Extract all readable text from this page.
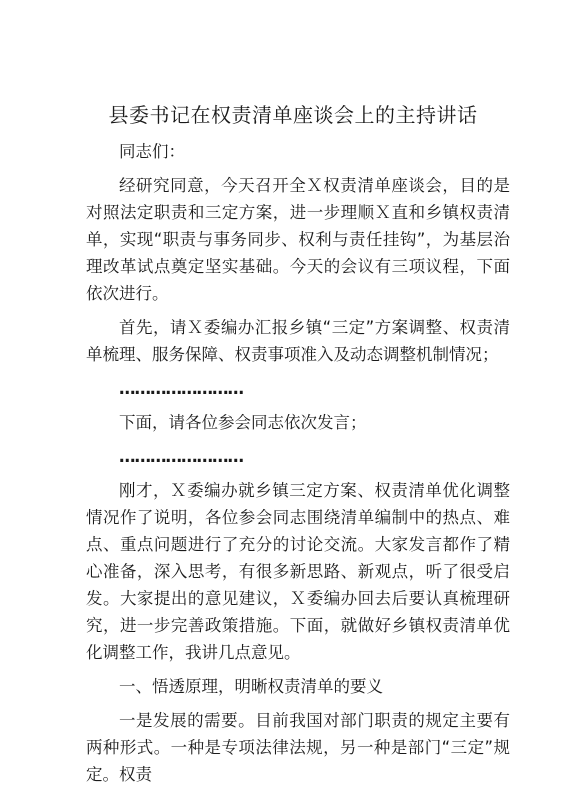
县委书记在权责清单座谈会上的主持讲话

同志们：

经研究同意，今天召开全Ｘ权责清单座谈会，目的是对照法定职责和三定方案，进一步理顺Ｘ直和乡镇权责清单，实现“职责与事务同步、权利与责任挂钩”，为基层治理改革试点奠定坚实基础。今天的会议有三项议程，下面依次进行。

首先，请Ｘ委编办汇报乡镇“三定”方案调整、权责清单梳理、服务保障、权责事项准入及动态调整机制情况；

……………………

下面，请各位参会同志依次发言；

……………………

刚才，Ｘ委编办就乡镇三定方案、权责清单优化调整情况作了说明，各位参会同志围绕清单编制中的热点、难点、重点问题进行了充分的讨论交流。大家发言都作了精心准备，深入思考，有很多新思路、新观点，听了很受启发。大家提出的意见建议，Ｘ委编办回去后要认真梳理研究，进一步完善政策措施。下面，就做好乡镇权责清单优化调整工作，我讲几点意见。

一、悟透原理，明晰权责清单的要义

一是发展的需要。目前我国对部门职责的规定主要有两种形式。一种是专项法律法规，另一种是部门“三定”规定。权责
